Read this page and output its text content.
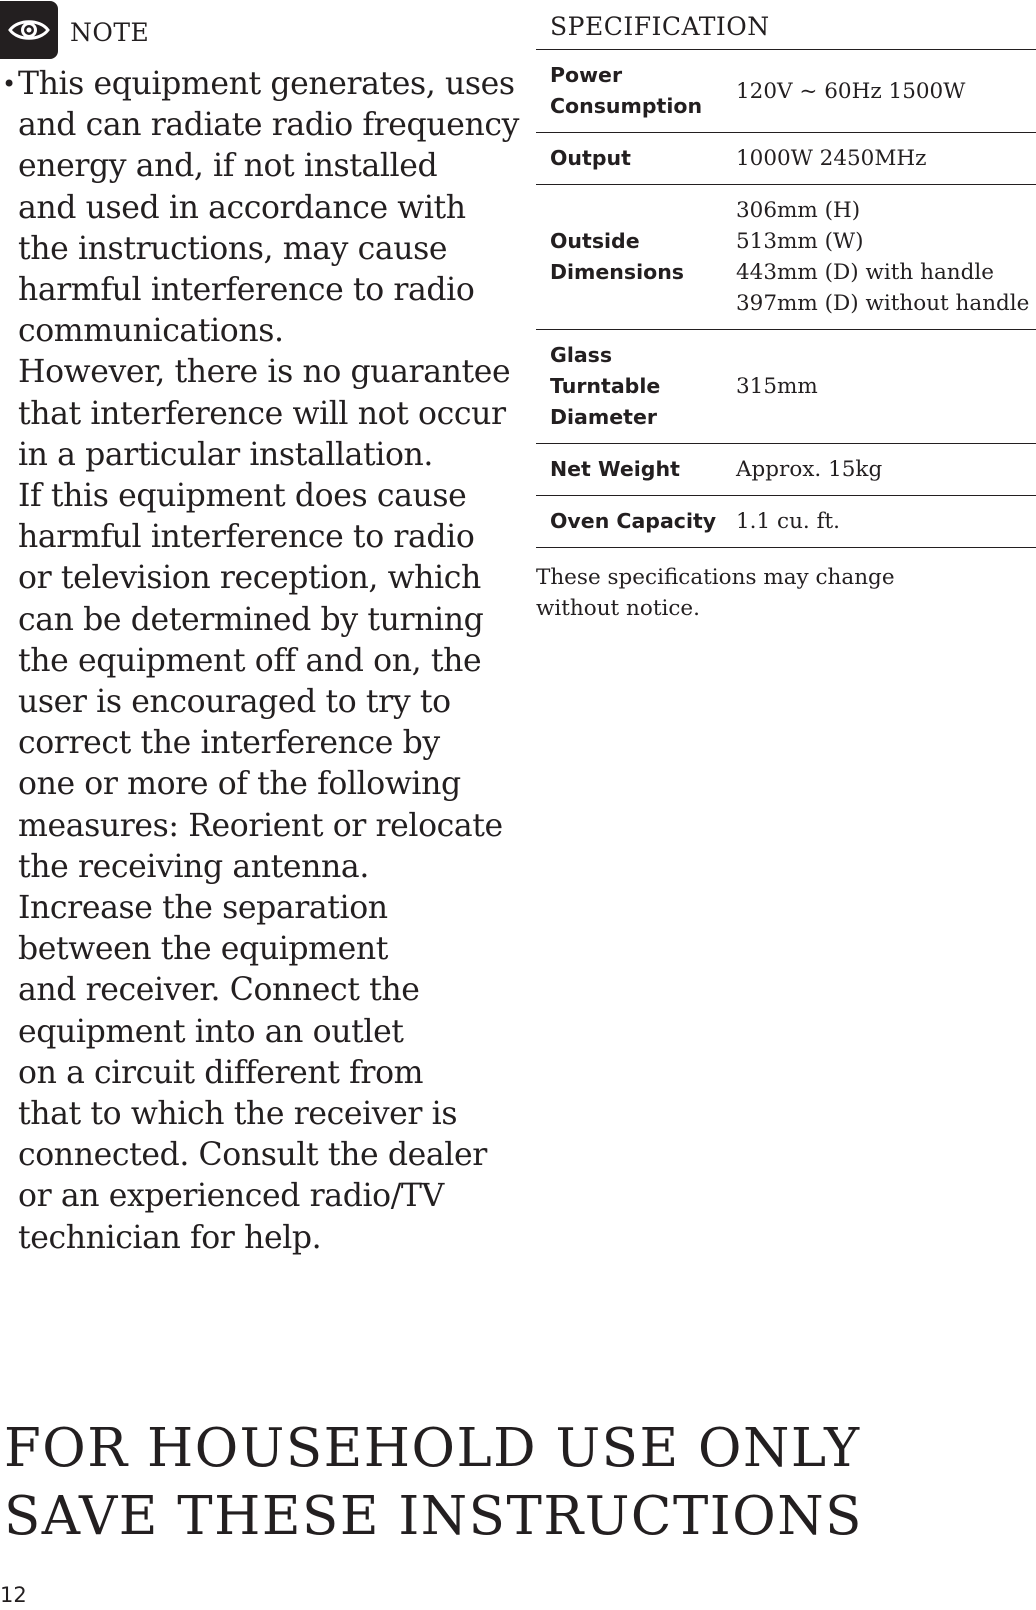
NOTE
• This equipment generates, uses
and can radiate radio frequency
energy and, if not installed
and used in accordance with
the instructions, may cause
harmful interference to radio
communications.
However, there is no guarantee
that interference will not occur
in a particular installation.
If this equipment does cause
harmful interference to radio
or television reception, which
can be determined by turning
the equipment off and on, the
user is encouraged to try to
correct the interference by
one or more of the following
measures: Reorient or relocate
the receiving antenna.
Increase the separation
between the equipment
and receiver. Connect the
equipment into an outlet
on a circuit different from
that to which the receiver is
connected. Consult the dealer
or an experienced radio/TV
technician for help.
SPECIFICATION
Power
Consumption	120V ~ 60Hz 1500W
Output	1000W 2450MHz
Outside
Dimensions	306mm (H)
513mm (W)
443mm (D) with handle
397mm (D) without handle
Glass
Turntable
Diameter	315mm
Net Weight	Approx. 15kg
Oven Capacity	1.1 cu. ft.
These specifications may change without notice.
FOR HOUSEHOLD USE ONLY
SAVE THESE INSTRUCTIONS
12
